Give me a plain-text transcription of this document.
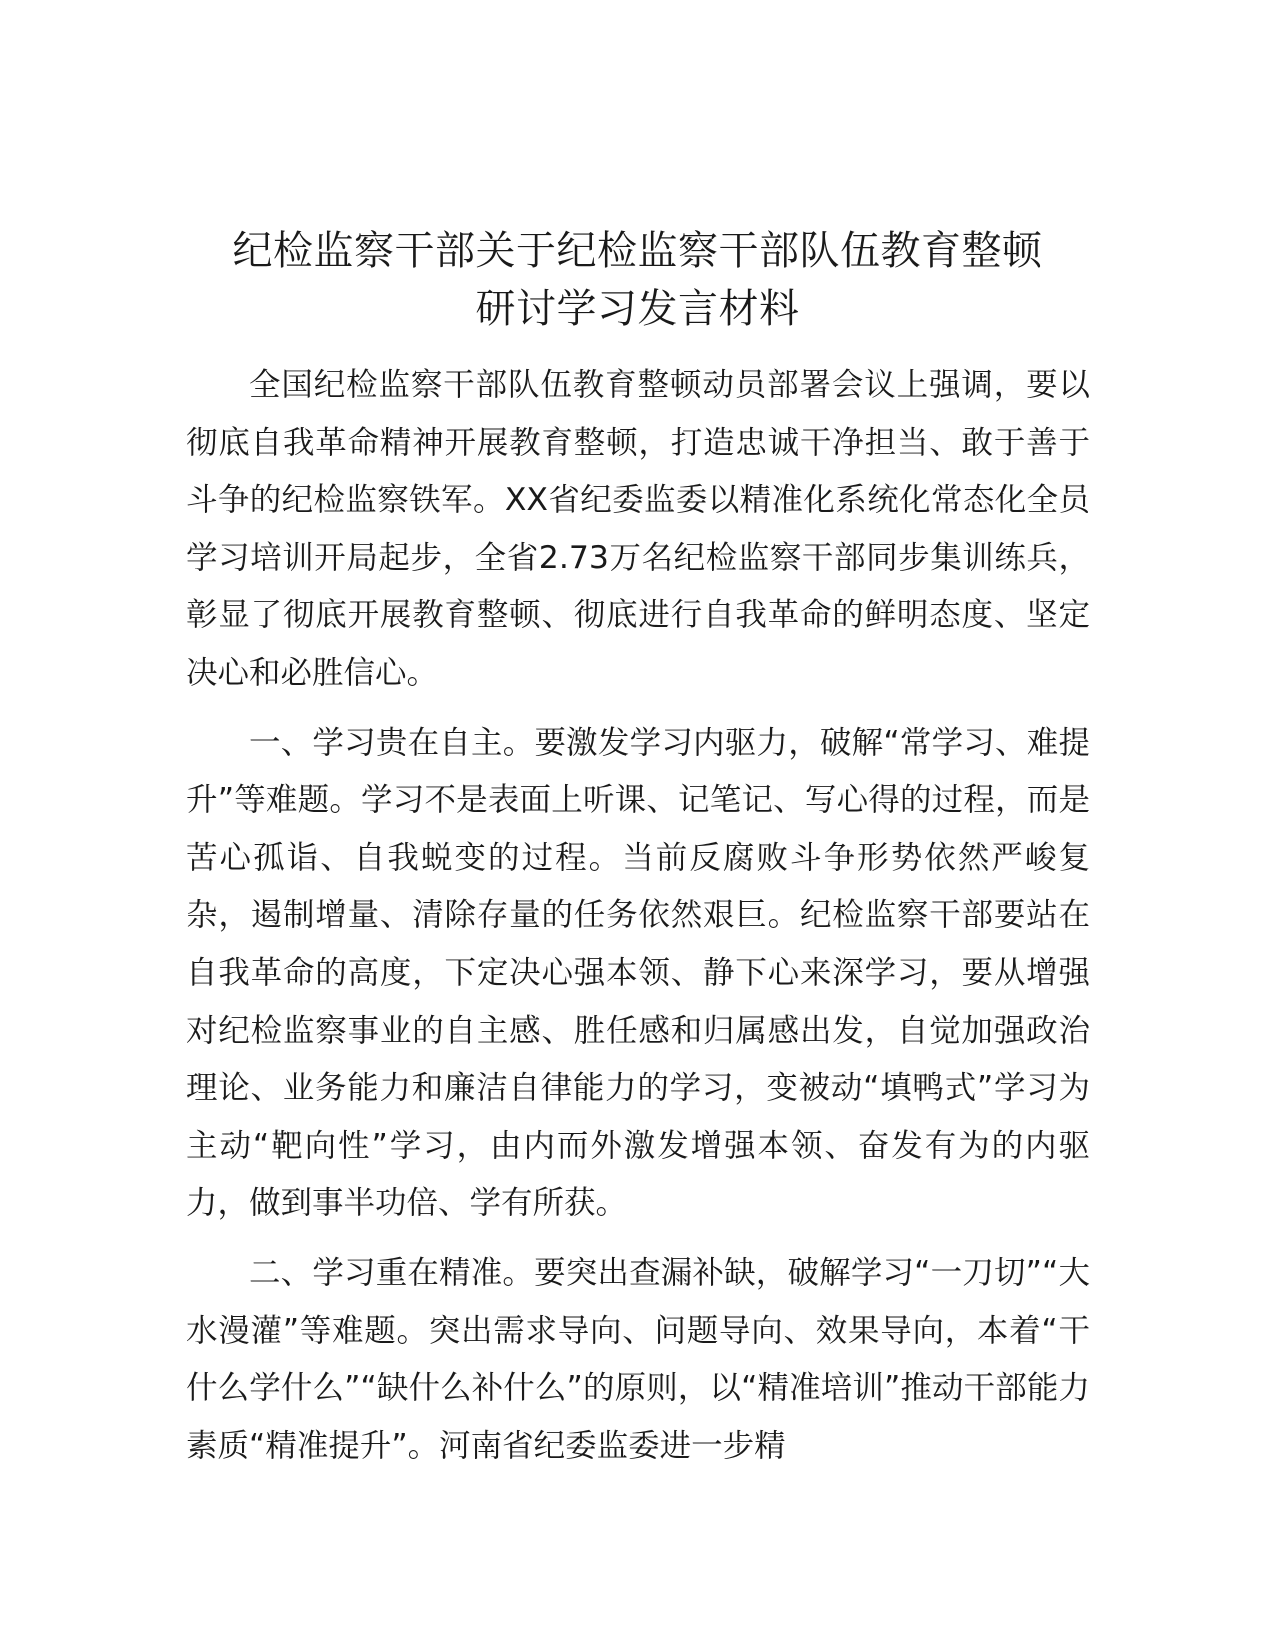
纪检监察干部关于纪检监察干部队伍教育整顿
研讨学习发言材料

全国纪检监察干部队伍教育整顿动员部署会议上强调，要以彻底自我革命精神开展教育整顿，打造忠诚干净担当、敢于善于斗争的纪检监察铁军。XX省纪委监委以精准化系统化常态化全员学习培训开局起步，全省2.73万名纪检监察干部同步集训练兵，彰显了彻底开展教育整顿、彻底进行自我革命的鲜明态度、坚定决心和必胜信心。

一、学习贵在自主。要激发学习内驱力，破解“常学习、难提升”等难题。学习不是表面上听课、记笔记、写心得的过程，而是苦心孤诣、自我蜕变的过程。当前反腐败斗争形势依然严峻复杂，遏制增量、清除存量的任务依然艰巨。纪检监察干部要站在自我革命的高度，下定决心强本领、静下心来深学习，要从增强对纪检监察事业的自主感、胜任感和归属感出发，自觉加强政治理论、业务能力和廉洁自律能力的学习，变被动“填鸭式”学习为主动“靶向性”学习，由内而外激发增强本领、奋发有为的内驱力，做到事半功倍、学有所获。

二、学习重在精准。要突出查漏补缺，破解学习“一刀切”“大水漫灌”等难题。突出需求导向、问题导向、效果导向，本着“干什么学什么”“缺什么补什么”的原则，以“精准培训”推动干部能力素质“精准提升”。河南省纪委监委进一步精
